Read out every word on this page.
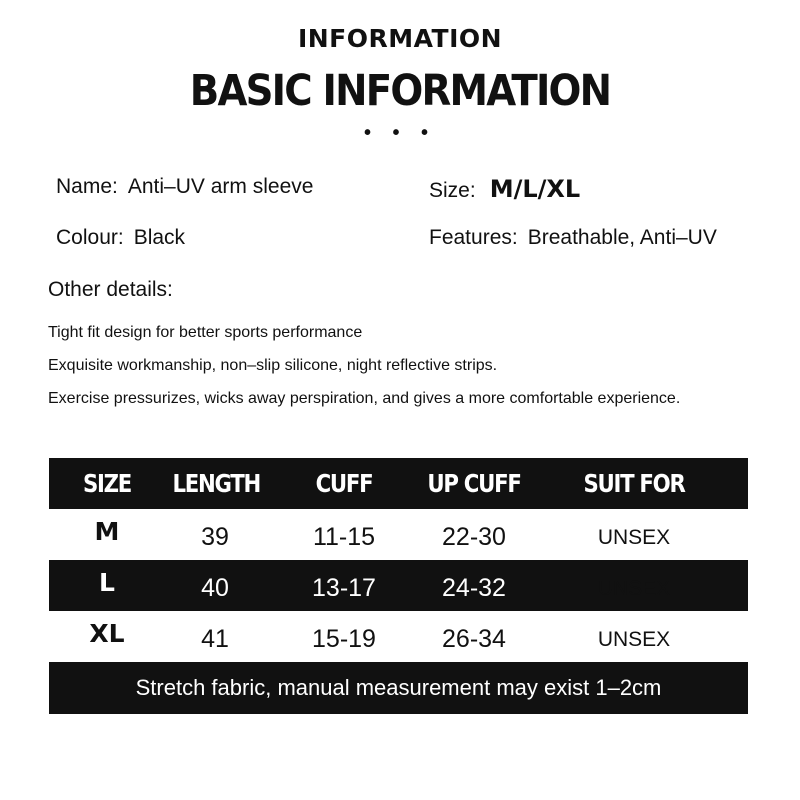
INFORMATION
BASIC INFORMATION
• • •
Name: Anti–UV arm sleeve	Size: M/L/XL
Colour: Black	Features: Breathable, Anti–UV
Other details:
Tight fit design for better sports performance
Exquisite workmanship, non–slip silicone, night reflective strips.
Exercise pressurizes, wicks away perspiration, and gives a more comfortable experience.
SIZE	LENGTH	CUFF	UP CUFF	SUIT FOR
M	39	11-15	22-30	UNSEX
L	40	13-17	24-32	UNSEX
XL	41	15-19	26-34	UNSEX
Stretch fabric, manual measurement may exist 1–2cm
